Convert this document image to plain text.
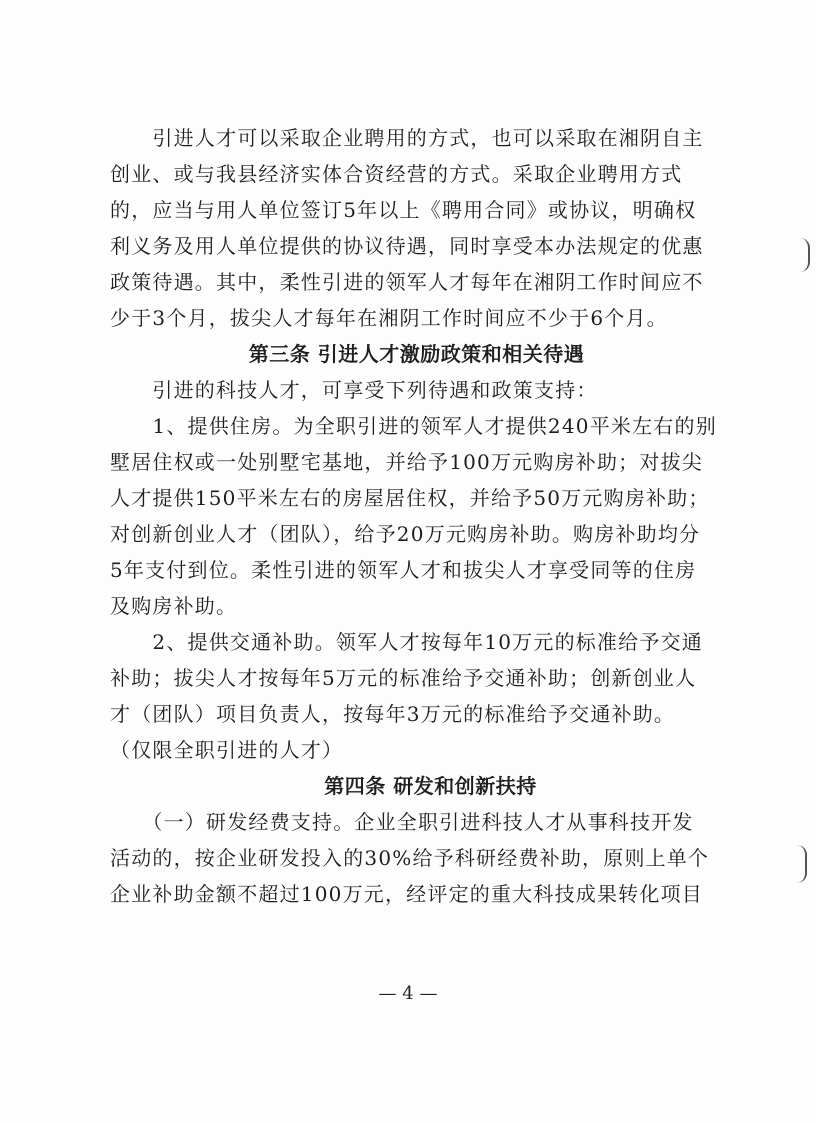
　　引进人才可以采取企业聘用的方式，也可以采取在湘阴自主
创业、或与我县经济实体合资经营的方式。采取企业聘用方式
的，应当与用人单位签订5年以上《聘用合同》或协议，明确权
利义务及用人单位提供的协议待遇，同时享受本办法规定的优惠
政策待遇。其中，柔性引进的领军人才每年在湘阴工作时间应不
少于3个月，拔尖人才每年在湘阴工作时间应不少于6个月。
第三条 引进人才激励政策和相关待遇
　　引进的科技人才，可享受下列待遇和政策支持：
　　1、提供住房。为全职引进的领军人才提供240平米左右的别
墅居住权或一处别墅宅基地，并给予100万元购房补助；对拔尖
人才提供150平米左右的房屋居住权，并给予50万元购房补助；
对创新创业人才（团队），给予20万元购房补助。购房补助均分
5年支付到位。柔性引进的领军人才和拔尖人才享受同等的住房
及购房补助。
　　2、提供交通补助。领军人才按每年10万元的标准给予交通
补助；拔尖人才按每年5万元的标准给予交通补助；创新创业人
才（团队）项目负责人，按每年3万元的标准给予交通补助。
（仅限全职引进的人才）
第四条 研发和创新扶持
　　（一）研发经费支持。企业全职引进科技人才从事科技开发
活动的，按企业研发投入的30%给予科研经费补助，原则上单个
企业补助金额不超过100万元，经评定的重大科技成果转化项目
— 4 —
